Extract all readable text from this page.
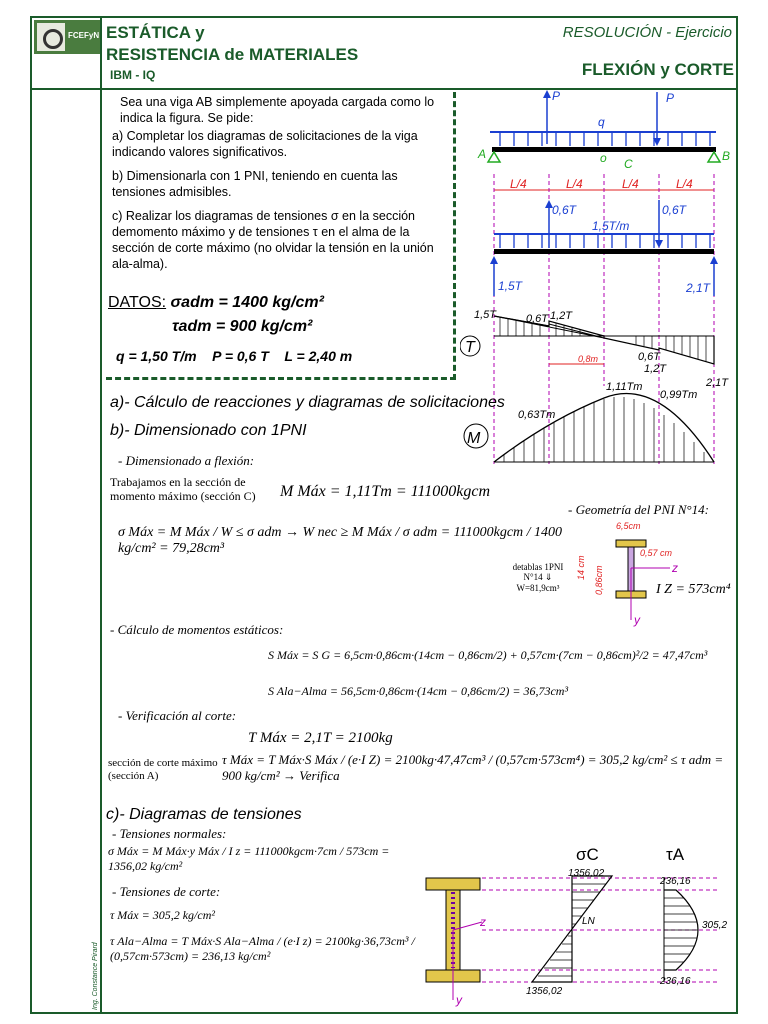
FCEFyN ESTÁTICA y
RESISTENCIA de MATERIALES
IBM - IQ
RESOLUCIÓN - Ejercicio
FLEXIÓN y CORTE

Sea una viga AB simplemente apoyada cargada como lo indica la figura. Se pide:

a) Completar los diagramas de solicitaciones de la viga indicando valores significativos.

b) Dimensionarla con 1 PNI, teniendo en cuenta las tensiones admisibles.

c) Realizar los diagramas de tensiones σ en la sección demomento máximo y de tensiones τ en el alma de la sección de corte máximo (no olvidar la tensión en la unión ala-alma).

DATOS: σadm = 1400 kg/cm²
τadm = 900 kg/cm²
q = 1,50 T/m P = 0,6 T L = 2,40 m
P	P
q
A	B
o C
L/4	L/4	L/4	L/4
0,6T	0,6T
1,5T/m
1,5T	2,1T
T
1,5T	0,6T 1,2T
0,8m	0,6T
1,2T
2,1T
M
0,63Tm
1,11Tm
0,99Tm
a)- Cálculo de reacciones y diagramas de solicitaciones
b)- Dimensionado con 1PNI
- Dimensionado a flexión:
Trabajamos en la sección de momento máximo (sección C)	M Máx = 1,11Tm = 111000kgcm
σ Máx = M Máx / W ≤ σ adm → W nec ≥ M Máx / σ adm = 111000kgcm / 1400 kg/cm² = 79,28cm³
detablas 1PNI N°14 ⇓ W=81,9cm³
- Geometría del PNI N°14:
6,5cm
0,57 cm
14 cm 0,86cm	z
y
I Z = 573cm⁴
- Cálculo de momentos estáticos:
S Máx = S G = 6,5cm·0,86cm·(14cm − 0,86cm/2) + 0,57cm·(7cm − 0,86cm)²/2 = 47,47cm³
S Ala−Alma = 56,5cm·0,86cm·(14cm − 0,86cm/2) = 36,73cm³
- Verificación al corte:
T Máx = 2,1T = 2100kg
sección de corte máximo (sección A)
τ Máx = T Máx·S Máx / (e·I Z) = 2100kg·47,47cm³ / (0,57cm·573cm⁴) = 305,2 kg/cm² ≤ τ adm = 900 kg/cm² → Verifica
c)- Diagramas de tensiones
- Tensiones normales:
σ Máx = M Máx·y Máx / I z = 111000kgcm·7cm / 573cm = 1356,02 kg/cm²
- Tensiones de corte:
τ Máx = 305,2 kg/cm²
τ Ala−Alma = T Máx·S Ala−Alma / (e·I z) = 2100kg·36,73cm³ / (0,57cm·573cm) = 236,13 kg/cm²
z
y
σC
1356,02
1356,02
LN
τA
236,16
305,2
236,16
Ing. Constance Pirard
